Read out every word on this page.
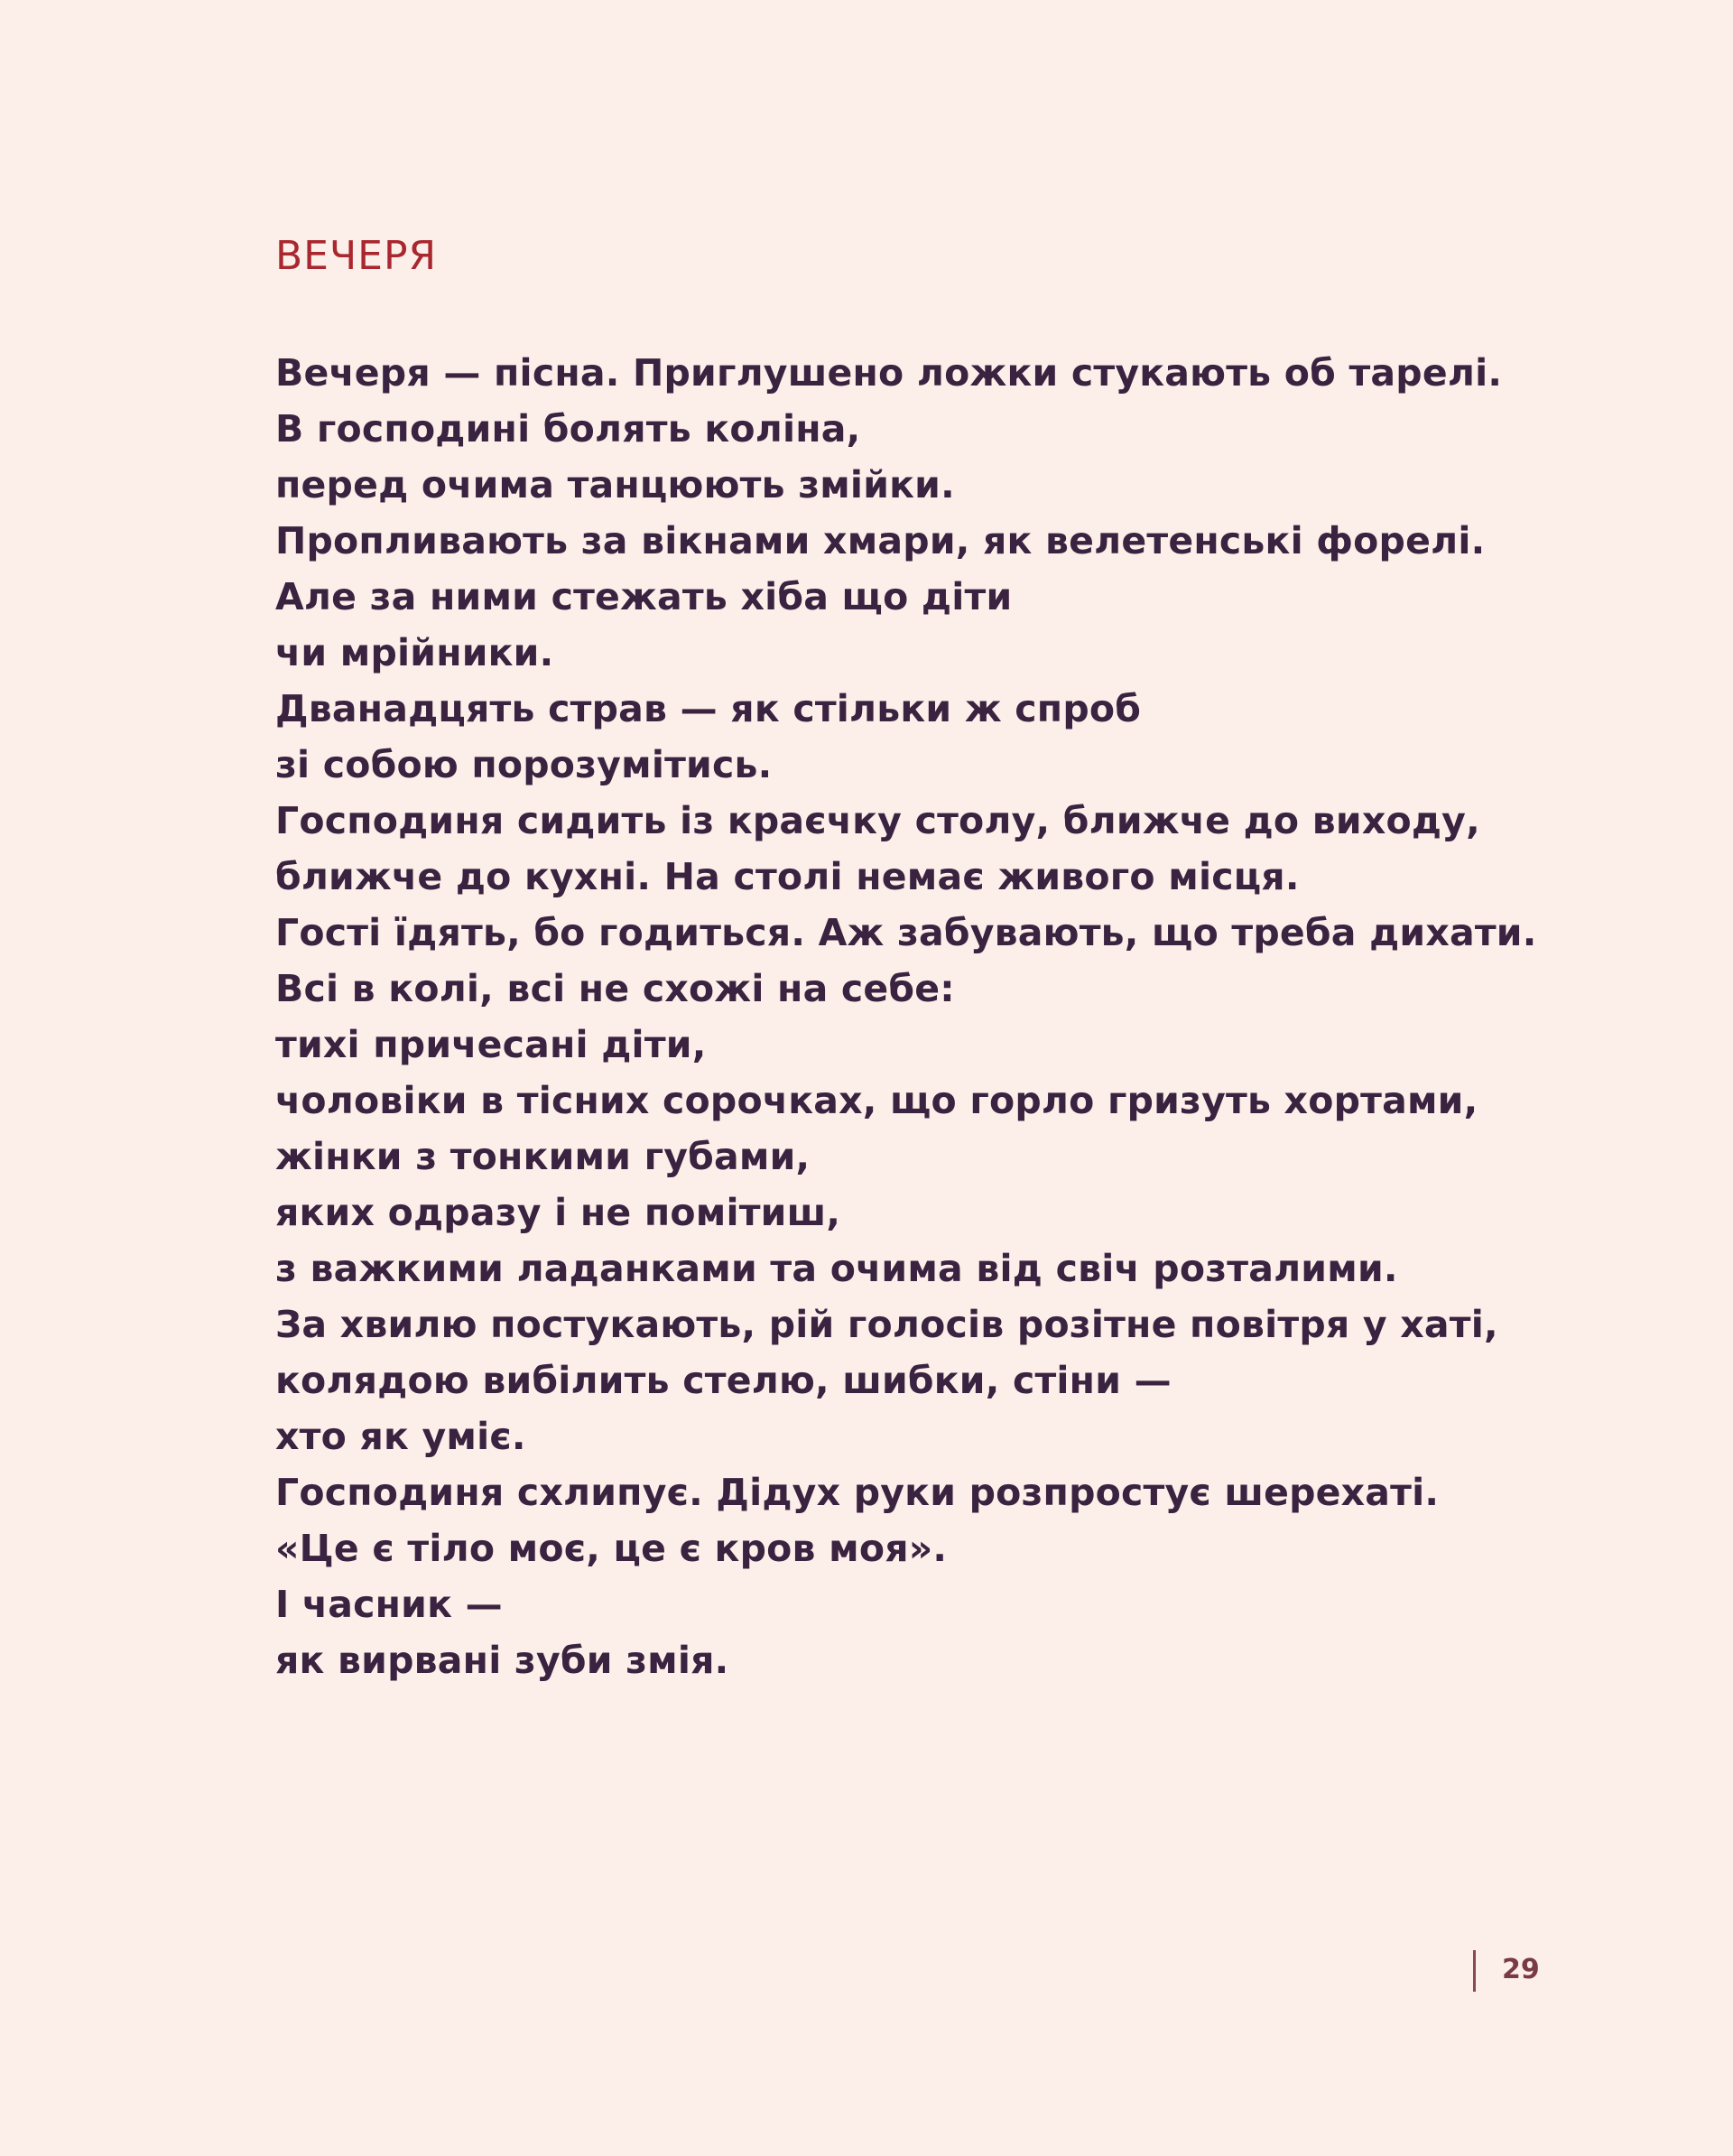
ВЕЧЕРЯ
Вечеря — пісна. Приглушено ложки стукають об тарелі.
В господині болять коліна,
перед очима танцюють змійки.
Пропливають за вікнами хмари, як велетенські форелі.
Але за ними стежать хіба що діти
чи мрійники.
Дванадцять страв — як стільки ж спроб
зі собою порозумітись.
Господиня сидить із краєчку столу, ближче до виходу,
ближче до кухні. На столі немає живого місця.
Гості їдять, бо годиться. Аж забувають, що треба дихати.
Всі в колі, всі не схожі на себе:
тихі причесані діти,
чоловіки в тісних сорочках, що горло гризуть хортами,
жінки з тонкими губами,
яких одразу і не помітиш,
з важкими ладанками та очима від свіч розталими.
За хвилю постукають, рій голосів розітне повітря у хаті,
колядою вибілить стелю, шибки, стіни —
хто як уміє.
Господиня схлипує. Дідух руки розпростує шерехаті.
«Це є тіло моє, це є кров моя».
І часник —
як вирвані зуби змія.
29
